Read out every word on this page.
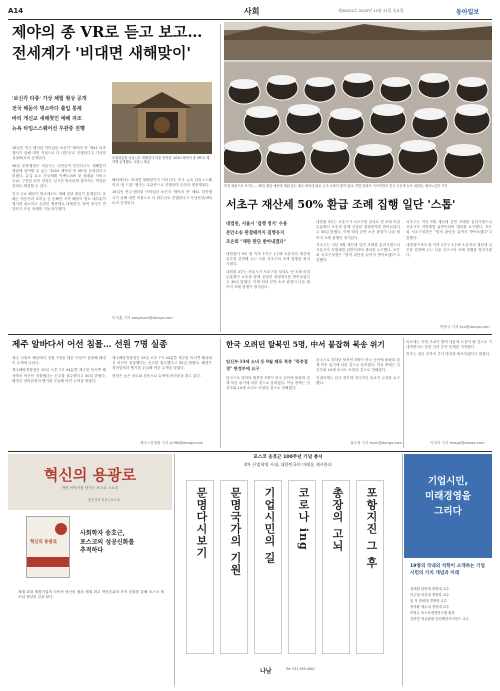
A14	사회	제30032호 2020년 12월 31일 목요일	동아일보
제야의 종 VR로 듣고 보고…
전세계가 '비대면 새해맞이'
'보신각 타종' 가상 체험 형상 공개
전국 해돋이 명소마다 출입 통제
바티 개신교 새해첫인 예배 자조
뉴욕 타임스스퀘어선 무관중 진행

18일인 연주·렌더링 이어었던 보신각 '제야의 종' 제41 타종행사가 올해 대면 직접으로 다 대부신로 진행한다고 가상현실(VR)로의 공개된다.

36일 문화행정은 서울시는 국민들이 안전하고도 새해맞이 행렬에 참여할 수 있는 '2020 제야의 종 VR'을 운영한다고 밝혔다. 유일 무오 가상세계 이벤트(VR 및 플래폼 서비스 등)로 구현된 타종 현장은 실시간 방송되며 참여자는 연결된 장비로 체험할 수 있다.

전국 주요 해돋이 명소에서도 새해 첫날 출입이 통제된다. 올해는 정동진과 호미곶 등 동해안 지역 해맞이 명소 대부분이 행사를 취소하고 온라인 생중계로 대체한다. 방역 당국은 연말연시 모임 자제를 거듭 당부했다.

보험회분할 서울시가 새해맞이 타종 현장을 '2020 제야의 종 VR'로 제작해 공개했다. 서울시 제공

해외에서도 비대면 새해맞이가 이어진다. 미국 뉴욕 타임스스퀘어의 '볼 드롭' 행사는 무관중으로 진행되며 온라인 생중계된다.

18일인 연주·렌더링 이어었던 보신각 '제야의 종' 제41 타종행사가 올해 대면 직접으로 다 대부신로 진행한다고 가상현실(VR)로의 공개된다.

이지훈 기자 easyhoon@donga.com
허전 채움으로 보이는… 30일 충남 예산에 세워 있는 메주·장독대 위로 눈이 소복이 쌓여 있다. 연말 한파가 이어지면서 전국 곳곳에 눈이 내렸다. 예산=김미 기자
서초구 재산세 50% 환급 조례 집행 일단 '스톱'
대법원, 서울시 '집행 정지' 수용
본안소송 판결때까지 집행유지
조은희 "재판 판단 받아내겠다"

대법원이 9억 원 이하 1가구 1주택 소유자의 재산세 일부를 감면해 주는 서울 서초구의 조례 집행을 정지시켰다.

대법원 3부는 서울시가 서초구를 상대로 낸 조례 의결 무효확인 소송과 함께 신청한 집행정지를 받아들였다고 30일 밝혔다. 이에 따라 본안 소송 판결이 나올 때까지 조례 집행이 정지된다.

대법원 3부는 서울시가 서초구를 상대로 낸 조례 의결 무효확인 소송과 함께 신청한 집행정지를 받아들였다고 30일 밝혔다. 이에 따라 본안 소송 판결이 나올 때까지 조례 집행이 정지된다.

서초구는 지난 9월 재산세 감면 조례를 통과시켰으나 서울시가 지방세법 위반이라며 재의를 요구했다. 조은희 서초구청장은 "법적 판단을 끝까지 받아보겠다"고 말했다.

서초구는 지난 9월 재산세 감면 조례를 통과시켰으나 서울시가 지방세법 위반이라며 재의를 요구했다. 조은희 서초구청장은 "법적 판단을 끝까지 받아보겠다"고 말했다.

대법원이 9억 원 이하 1가구 1주택 소유자의 재산세 일부를 감면해 주는 서울 서초구의 조례 집행을 정지시켰다.

박창규 기자 kyu@donga.com
제주 알바다서 어선 침몰… 선원 7명 실종

제주 서귀포 해상에서 선원 7명을 태운 어선이 침몰해 해경이 수색에 나섰다.

제주해양경찰청은 29일 오후 7시 44분쯤 제주항 북서쪽 해상에서 어선이 침몰했다는 신고를 접수했다고 30일 밝혔다. 해경은 경비함정과 헬기를 투입해 야간 수색을 벌였다.

제주해양경찰청은 29일 오후 7시 44분쯤 제주항 북서쪽 해상에서 어선이 침몰했다는 신고를 접수했다고 30일 밝혔다. 해경은 경비함정과 헬기를 투입해 야간 수색을 벌였다.

현장은 높은 파도와 강풍으로 수색에 어려움을 겪고 있다.

제주=임재영 기자 jy788@donga.com
한국 오려던 탈북민 5명, 中서 붙잡혀 북송 위기
임신부·14세 소녀 등 9월 체포 북중 "북중접경" 현정부에 요구

한국으로 향하던 탈북민 5명이 중국 공안에 붙잡혀 강제 북송 위기에 처한 것으로 알려졌다. 이들 중에는 임신부와 14세 소녀도 포함된 것으로 전해졌다.

한국으로 향하던 탈북민 5명이 중국 공안에 붙잡혀 강제 북송 위기에 처한 것으로 알려졌다. 이들 중에는 임신부와 14세 소녀도 포함된 것으로 전해졌다.

인권단체는 한국 정부에 적극적인 외교적 노력을 요구했다.

권오혁 기자 hyuk@donga.com

의료계는 이번 조치가 방역 대응에 도움이 될 것으로 기대하면서도 현장 인력 부족 문제를 지적했다.

정부는 내년 초까지 추가 병상을 확보하겠다고 밝혔다.

이미지 기자 image@donga.com
혁신의 용광로
박찬 이야기를 담기는 포스코 스토리
송진 5과 지음 | 포스코
혁신의 용광로
사회학자 송호근,
포스코의 성공신화를
추적하다
세계 최대 재정기업의 지속적 혁신의 원천 세계 최고 혁신본위의 조직 문화를 통해 포스코 제조업 혁신의 길을 묻다.
포스코 송호근 100주년 기념 총서
4차 산업혁명 시대, 대한민국의 미래를 제시한다
문명다시보기	문명국가의 기원	기업시민의 길	코로나 ing	총장의 고뇌	포항지진 그 후
나남	Tel: 031-955-4601
기업시민,
미래경영을
그리다
19명의 국내외 석학이 소개하는 기업시민의 가치 개념과 미래
김태원 한양대 경영대 교수
이주철 서강대 경영학 교수
임 목 한양대 경영학 교수
정지환 세무대 경영대 교수
이영수 포스코경영연구원 원장
김장현 성균관대 인터랙션사이언스 교수
